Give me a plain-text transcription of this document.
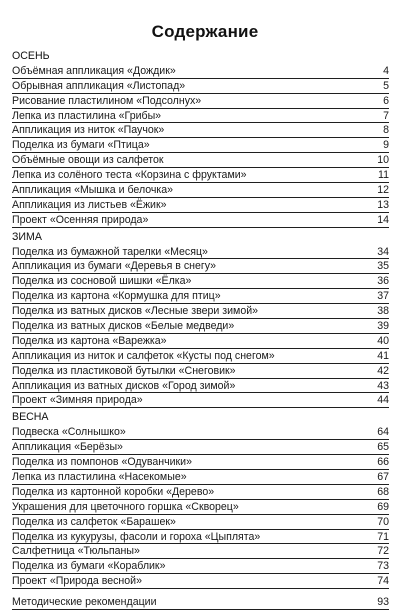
Содержание
ОСЕНЬ
Объёмная аппликация «Дождик»	4
Обрывная аппликация «Листопад»	5
Рисование пластилином «Подсолнух»	6
Лепка из пластилина «Грибы»	7
Аппликация из ниток «Паучок»	8
Поделка из бумаги «Птица»	9
Объёмные овощи из салфеток	10
Лепка из солёного теста «Корзина с фруктами»	11
Аппликация «Мышка и белочка»	12
Аппликация из листьев «Ёжик»	13
Проект «Осенняя природа»	14
ЗИМА
Поделка из бумажной тарелки «Месяц»	34
Аппликация из бумаги «Деревья в снегу»	35
Поделка из сосновой шишки «Ёлка»	36
Поделка из картона «Кормушка для птиц»	37
Поделка из ватных дисков «Лесные звери зимой»	38
Поделка из ватных дисков «Белые медведи»	39
Поделка из картона «Варежка»	40
Аппликация из ниток и салфеток «Кусты под снегом»	41
Поделка из пластиковой бутылки «Снеговик»	42
Аппликация из ватных дисков «Город зимой»	43
Проект «Зимняя природа»	44
ВЕСНА
Подвеска «Солнышко»	64
Аппликация «Берёзы»	65
Поделка из помпонов «Одуванчики»	66
Лепка из пластилина «Насекомые»	67
Поделка из картонной коробки «Дерево»	68
Украшения для цветочного горшка «Скворец»	69
Поделка из салфеток «Барашек»	70
Поделка из кукурузы, фасоли и гороха «Цыплята»	71
Салфетница «Тюльпаны»	72
Поделка из бумаги «Кораблик»	73
Проект «Природа весной»	74
Методические рекомендации	93
